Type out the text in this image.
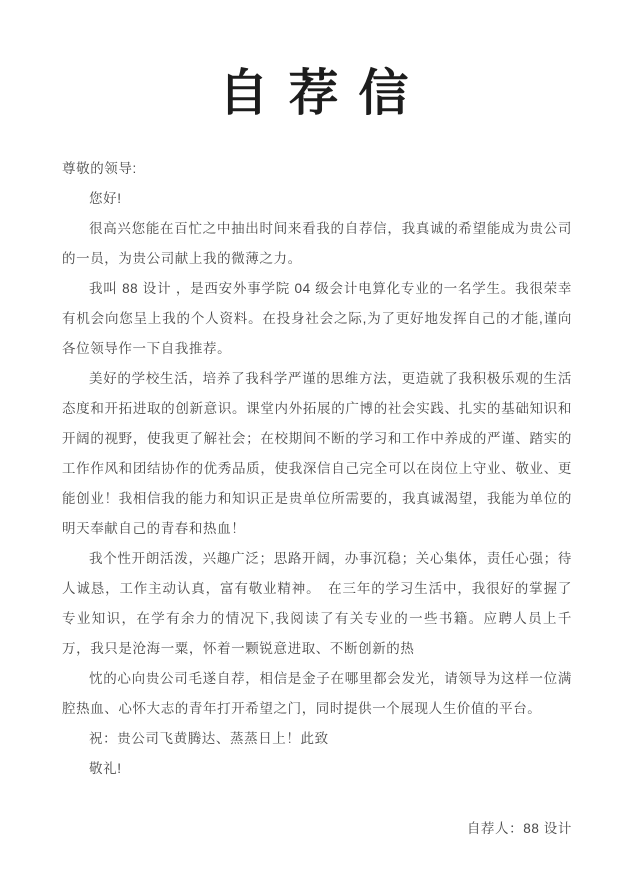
自 荐 信

尊敬的领导:

您好!

很高兴您能在百忙之中抽出时间来看我的自荐信，我真诚的希望能成为贵公司的一员，为贵公司献上我的微薄之力。

我叫 88 设计 ，是西安外事学院 04 级会计电算化专业的一名学生。我很荣幸有机会向您呈上我的个人资料。在投身社会之际,为了更好地发挥自己的才能,谨向各位领导作一下自我推荐。

美好的学校生活，培养了我科学严谨的思维方法，更造就了我积极乐观的生活态度和开拓进取的创新意识。课堂内外拓展的广博的社会实践、扎实的基础知识和开阔的视野，使我更了解社会；在校期间不断的学习和工作中养成的严谨、踏实的工作作风和团结协作的优秀品质，使我深信自己完全可以在岗位上守业、敬业、更能创业！我相信我的能力和知识正是贵单位所需要的，我真诚渴望，我能为单位的明天奉献自己的青春和热血！

我个性开朗活泼，兴趣广泛；思路开阔，办事沉稳；关心集体，责任心强；待人诚恳，工作主动认真，富有敬业精神。　在三年的学习生活中，我很好的掌握了专业知识，在学有余力的情况下,我阅读了有关专业的一些书籍。应聘人员上千万，我只是沧海一粟，怀着一颗锐意进取、不断创新的热

忱的心向贵公司毛遂自荐，相信是金子在哪里都会发光，请领导为这样一位满腔热血、心怀大志的青年打开希望之门，同时提供一个展现人生价值的平台。

祝：贵公司飞黄腾达、蒸蒸日上！此致

敬礼!

自荐人：88 设计
